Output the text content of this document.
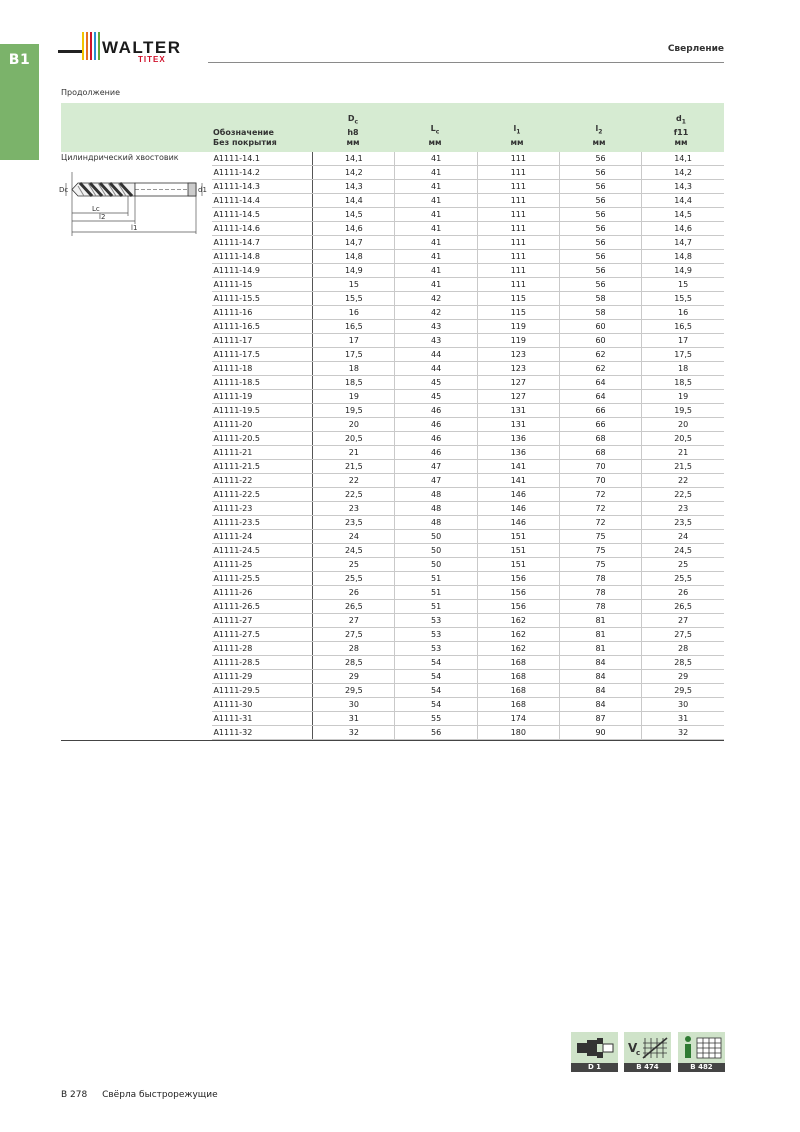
B1
WALTER
TITEX
Сверление
Продолжение
Обозначение
Без покрытия
$D_c$
h8
мм
$L_c$
мм
$l_1$
мм
$l_2$
мм
$d_1$
f11
мм
Цилиндрический хвостовик
Dc	d1
Lc
l2
l1
	A1111-14.1	14,1	41	111	56	14,1
	A1111-14.2	14,2	41	111	56	14,2
	A1111-14.3	14,3	41	111	56	14,3
	A1111-14.4	14,4	41	111	56	14,4
	A1111-14.5	14,5	41	111	56	14,5
	A1111-14.6	14,6	41	111	56	14,6
	A1111-14.7	14,7	41	111	56	14,7
	A1111-14.8	14,8	41	111	56	14,8
	A1111-14.9	14,9	41	111	56	14,9
	A1111-15	15	41	111	56	15
	A1111-15.5	15,5	42	115	58	15,5
	A1111-16	16	42	115	58	16
	A1111-16.5	16,5	43	119	60	16,5
	A1111-17	17	43	119	60	17
	A1111-17.5	17,5	44	123	62	17,5
	A1111-18	18	44	123	62	18
	A1111-18.5	18,5	45	127	64	18,5
	A1111-19	19	45	127	64	19
	A1111-19.5	19,5	46	131	66	19,5
	A1111-20	20	46	131	66	20
	A1111-20.5	20,5	46	136	68	20,5
	A1111-21	21	46	136	68	21
	A1111-21.5	21,5	47	141	70	21,5
	A1111-22	22	47	141	70	22
	A1111-22.5	22,5	48	146	72	22,5
	A1111-23	23	48	146	72	23
	A1111-23.5	23,5	48	146	72	23,5
	A1111-24	24	50	151	75	24
	A1111-24.5	24,5	50	151	75	24,5
	A1111-25	25	50	151	75	25
	A1111-25.5	25,5	51	156	78	25,5
	A1111-26	26	51	156	78	26
	A1111-26.5	26,5	51	156	78	26,5
	A1111-27	27	53	162	81	27
	A1111-27.5	27,5	53	162	81	27,5
	A1111-28	28	53	162	81	28
	A1111-28.5	28,5	54	168	84	28,5
	A1111-29	29	54	168	84	29
	A1111-29.5	29,5	54	168	84	29,5
	A1111-30	30	54	168	84	30
	A1111-31	31	55	174	87	31
	A1111-32	32	56	180	90	32
D 1
V
c
B 474	B 482
B 278 Свёрла быстрорежущие
